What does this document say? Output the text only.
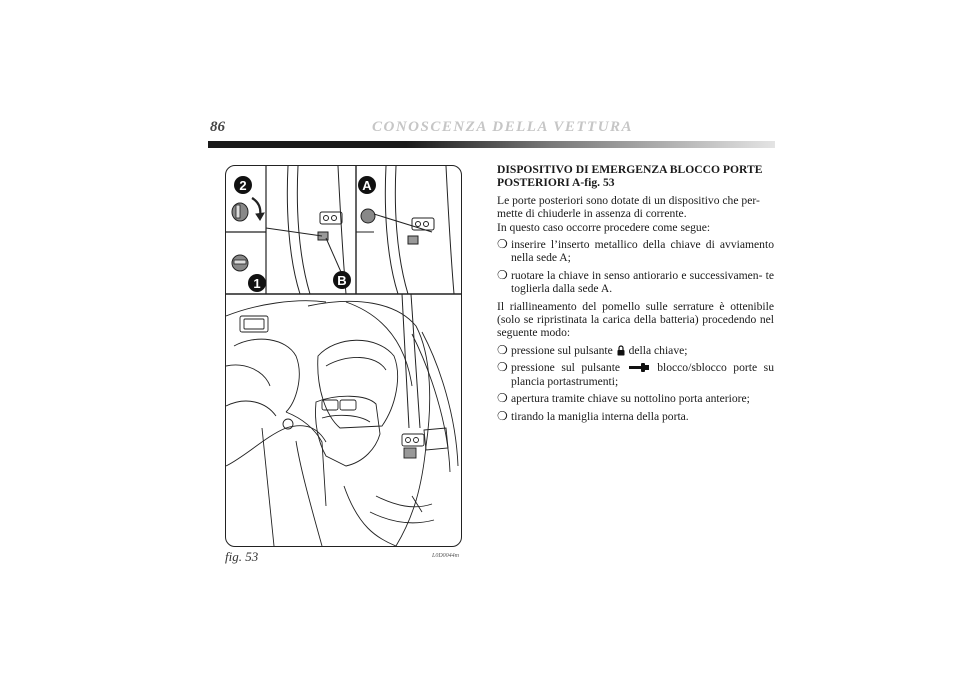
86	CONOSCENZA DELLA VETTURA
2
1
A
B
fig. 53	L0D0044m
DISPOSITIVO DI EMERGENZA BLOCCO PORTE
POSTERIORI A-fig. 53
Le porte posteriori sono dotate di un dispositivo che per-
mette di chiuderle in assenza di corrente.
In questo caso occorre procedere come segue:
❍ inserire l’inserto metallico della chiave di avviamento nella sede A;
❍ ruotare la chiave in senso antiorario e successivamen- te toglierla dalla sede A.
Il riallineamento del pomello sulle serrature è ottenibile (solo se ripristinata la carica della batteria) procedendo nel seguente modo:
❍ pressione sul pulsante della chiave;
❍ pressione sul pulsante	blocco/sblocco porte su plancia portastrumenti;
❍ apertura tramite chiave su nottolino porta anteriore;
❍ tirando la maniglia interna della porta.
